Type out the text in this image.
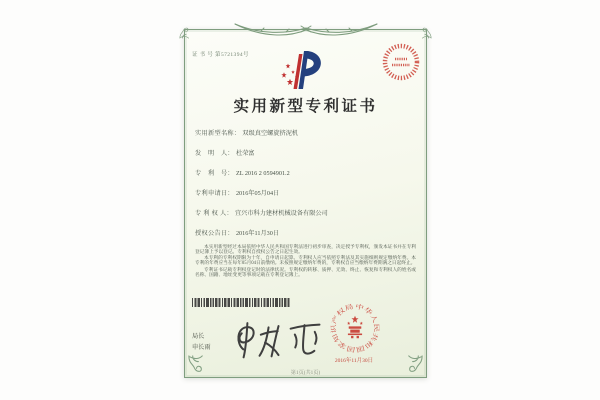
证 书 号 第5721394号
实用新型专利证书
实用新型名称： 双级真空螺旋挤泥机
发　明　人： 杜荣富
专　利　号： ZL 2016 2 0594901.2
专利申请日： 2016年05月04日
专 利 权 人： 宜兴市科力建材机械设备有限公司
授权公告日： 2016年11月30日

本实用新型经过本局依照中华人民共和国专利法进行初步审查，决定授予专利权，颁发本证书并在专利登记簿上予以登记。专利权自授权公告之日起生效。

本专利的专利权期限为十年，自申请日起算。专利权人应当依照专利法及其实施细则规定缴纳年费。本专利的年费应当在每年05月04日前缴纳。未按照规定缴纳年费的，专利权自应当缴纳年费期满之日起终止。

专利证书记载专利权登记时的法律状况。专利权的转移、质押、无效、终止、恢复和专利权人的姓名或名称、国籍、地址变更等事项记载在专利登记簿上。

局长
申长雨
中华人民共和国国家知识产权局
2016年11月30日
第1页(共1页)
